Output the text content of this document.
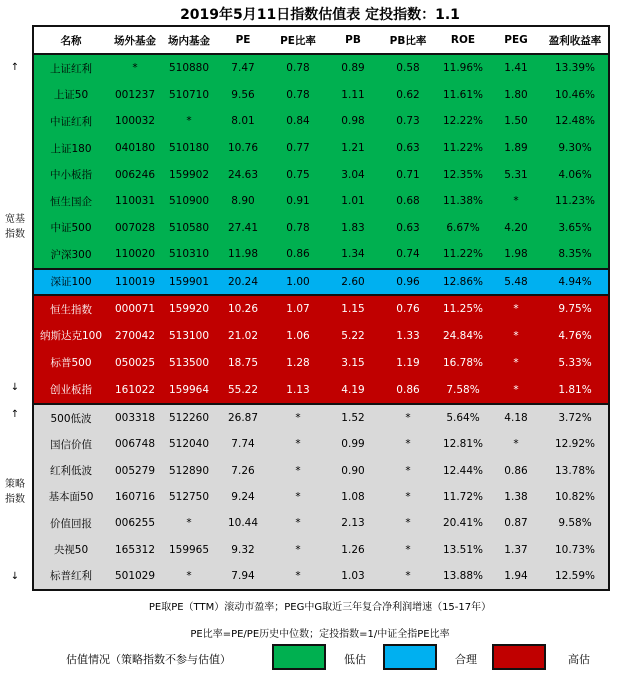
2019年5月11日指数估值表 定投指数：1.1
名称	场外基金	场内基金	PE	PE比率	PB	PB比率	ROE	PEG	盈利收益率
上证红利	*	510880	7.47	0.78	0.89	0.58	11.96%	1.41	13.39%
上证50	001237	510710	9.56	0.78	1.11	0.62	11.61%	1.80	10.46%
中证红利	100032	*	8.01	0.84	0.98	0.73	12.22%	1.50	12.48%
上证180	040180	510180	10.76	0.77	1.21	0.63	11.22%	1.89	9.30%
中小板指	006246	159902	24.63	0.75	3.04	0.71	12.35%	5.31	4.06%
恒生国企	110031	510900	8.90	0.91	1.01	0.68	11.38%	*	11.23%
中证500	007028	510580	27.41	0.78	1.83	0.63	6.67%	4.20	3.65%
沪深300	110020	510310	11.98	0.86	1.34	0.74	11.22%	1.98	8.35%
深证100	110019	159901	20.24	1.00	2.60	0.96	12.86%	5.48	4.94%
恒生指数	000071	159920	10.26	1.07	1.15	0.76	11.25%	*	9.75%
纳斯达克100	270042	513100	21.02	1.06	5.22	1.33	24.84%	*	4.76%
标普500	050025	513500	18.75	1.28	3.15	1.19	16.78%	*	5.33%
创业板指	161022	159964	55.22	1.13	4.19	0.86	7.58%	*	1.81%
500低波	003318	512260	26.87	*	1.52	*	5.64%	4.18	3.72%
国信价值	006748	512040	7.74	*	0.99	*	12.81%	*	12.92%
红利低波	005279	512890	7.26	*	0.90	*	12.44%	0.86	13.78%
基本面50	160716	512750	9.24	*	1.08	*	11.72%	1.38	10.82%
价值回报	006255	*	10.44	*	2.13	*	20.41%	0.87	9.58%
央视50	165312	159965	9.32	*	1.26	*	13.51%	1.37	10.73%
标普红利	501029	*	7.94	*	1.03	*	13.88%	1.94	12.59%
↑
宽基指数
↓
↑
策略指数
↓
PE取PE（TTM）滚动市盈率；PEG中G取近三年复合净利润增速（15-17年）
PE比率=PE/PE历史中位数；定投指数=1/中证全指PE比率
估值情况（策略指数不参与估值）	低估	合理	高估
